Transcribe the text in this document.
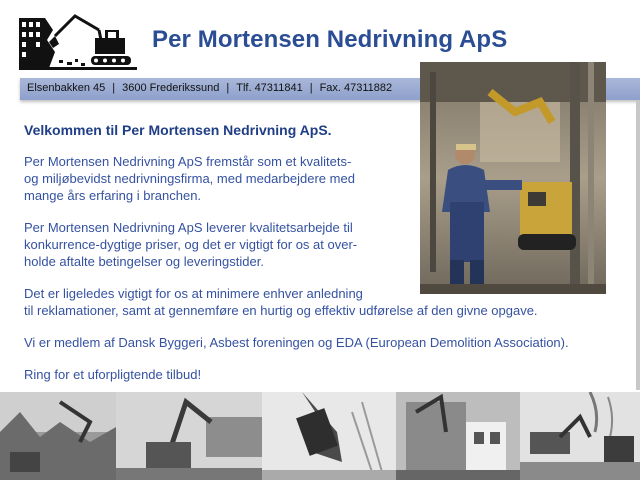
Per Mortensen Nedrivning ApS
Elsenbakken 45 | 3600 Frederikssund | Tlf. 47311841 | Fax. 47311882

Velkommen til Per Mortensen Nedrivning ApS.

Per Mortensen Nedrivning ApS fremstår som et kvalitets-
og miljøbevidst nedrivningsfirma, med medarbejdere med
mange års erfaring i branchen.

Per Mortensen Nedrivning ApS leverer kvalitetsarbejde til
konkurrence-dygtige priser, og det er vigtigt for os at over-
holde aftalte betingelser og leveringstider.

Det er ligeledes vigtigt for os at minimere enhver anledning
til reklamationer, samt at gennemføre en hurtig og effektiv udførelse af den givne opgave.

Vi er medlem af Dansk Byggeri, Asbest foreningen og EDA (European Demolition Association).

Ring for et uforpligtende tilbud!
